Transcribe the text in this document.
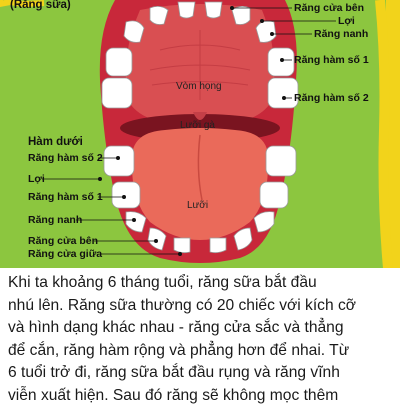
(Răng sữa)	Răng cửa bên
Lợi
Răng nanh
Răng hàm số 1
Răng hàm số 2
Hàm dưới
Răng hàm số 2
Lợi
Răng hàm số 1
Răng nanh
Răng cửa bên
Răng cửa giữa
Vòm họng
Lưỡi gà
Lưỡi
Khi ta khoảng 6 tháng tuổi, răng sữa bắt đầu
nhú lên. Răng sữa thường có 20 chiếc với kích cỡ
và hình dạng khác nhau - răng cửa sắc và thẳng
để cắn, răng hàm rộng và phẳng hơn để nhai. Từ
6 tuổi trở đi, răng sữa bắt đầu rụng và răng vĩnh
viễn xuất hiện. Sau đó răng sẽ không mọc thêm
